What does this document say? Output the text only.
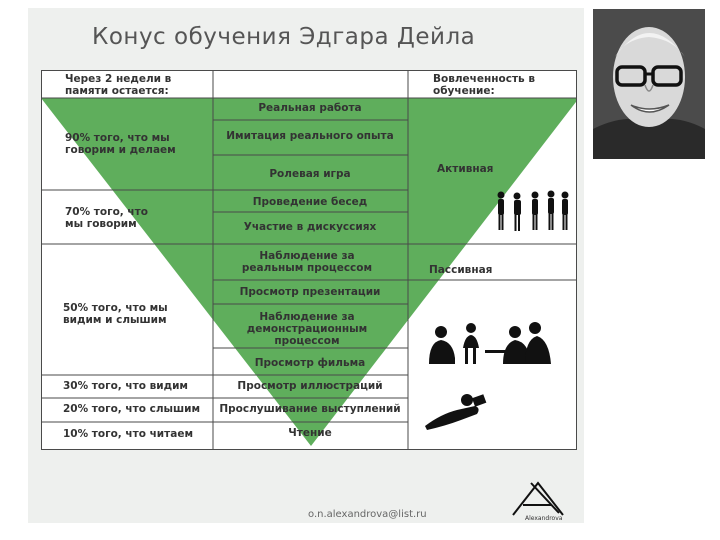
Конус обучения Эдгара Дейла
Через 2 недели в памяти остается:
Вовлеченность в обучение:
90% того, что мы говорим и делаем
70% того, что мы говорим
50% того, что мы видим и слышим
30% того, что видим
20% того, что слышим
10% того, что читаем
Реальная работа
Имитация реального опыта
Ролевая игра
Проведение бесед
Участие в дискуссиях
Наблюдение за реальным процессом
Просмотр презентации
Наблюдение за демонстрационным процессом
Просмотр фильма
Просмотр иллюстраций
Прослушивание выступлений
Чтение
Активная
Пассивная
o.n.alexandrova@list.ru	Alexandrova
